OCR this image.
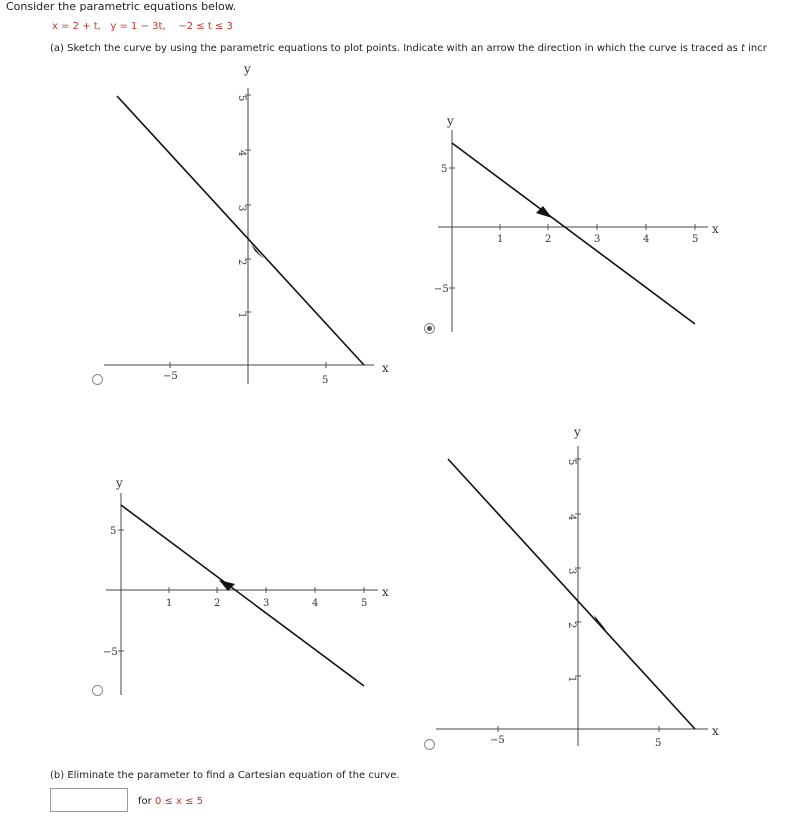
Consider the parametric equations below.
x = 2 + t, y = 1 − 3t, −2 ≤ t ≤ 3
(a) Sketch the curve by using the parametric equations to plot points. Indicate with an arrow the direction in which the curve is traced as t incr
−5	5
1
2
3
4
5
y
x
1	2	3	4	5
5
−5
y
x
1	2	3	4	5
5
−5
y
x
−5	5
1
2
3
4
5
y
x
(b) Eliminate the parameter to find a Cartesian equation of the curve.
for 0 ≤ x ≤ 5
